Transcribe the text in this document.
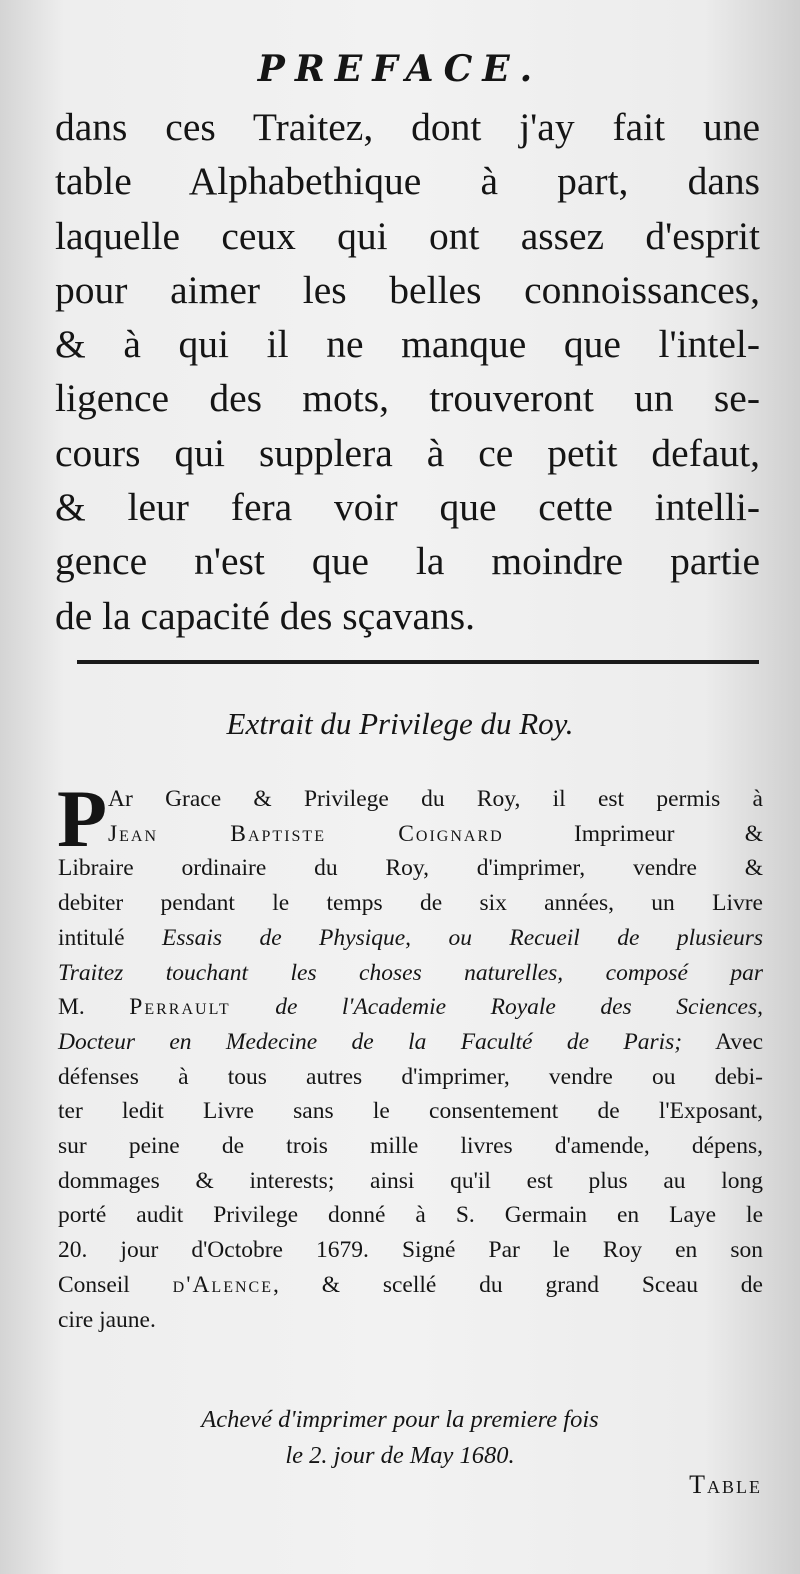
PREFACE.
dans ces Traitez, dont j'ay fait une
table Alphabethique à part, dans
laquelle ceux qui ont assez d'esprit
pour aimer les belles connoissances,
& à qui il ne manque que l'intel-
ligence des mots, trouveront un se-
cours qui supplera à ce petit defaut,
& leur fera voir que cette intelli-
gence n'est que la moindre partie
de la capacité des sçavans.
Extrait du Privilege du Roy.
P Ar Grace & Privilege du Roy, il est permis à
Jean Baptiste Coignard Imprimeur &
Libraire ordinaire du Roy, d'imprimer, vendre &
debiter pendant le temps de six années, un Livre
intitulé Essais de Physique, ou Recueil de plusieurs
Traitez touchant les choses naturelles, composé par
M. Perrault de l'Academie Royale des Sciences,
Docteur en Medecine de la Faculté de Paris; Avec
défenses à tous autres d'imprimer, vendre ou debi-
ter ledit Livre sans le consentement de l'Exposant,
sur peine de trois mille livres d'amende, dépens,
dommages & interests; ainsi qu'il est plus au long
porté audit Privilege donné à S. Germain en Laye le
20. jour d'Octobre 1679. Signé Par le Roy en son
Conseil d'Alence, & scellé du grand Sceau de
cire jaune.
Achevé d'imprimer pour la premiere fois
le 2. jour de May 1680.
Table
